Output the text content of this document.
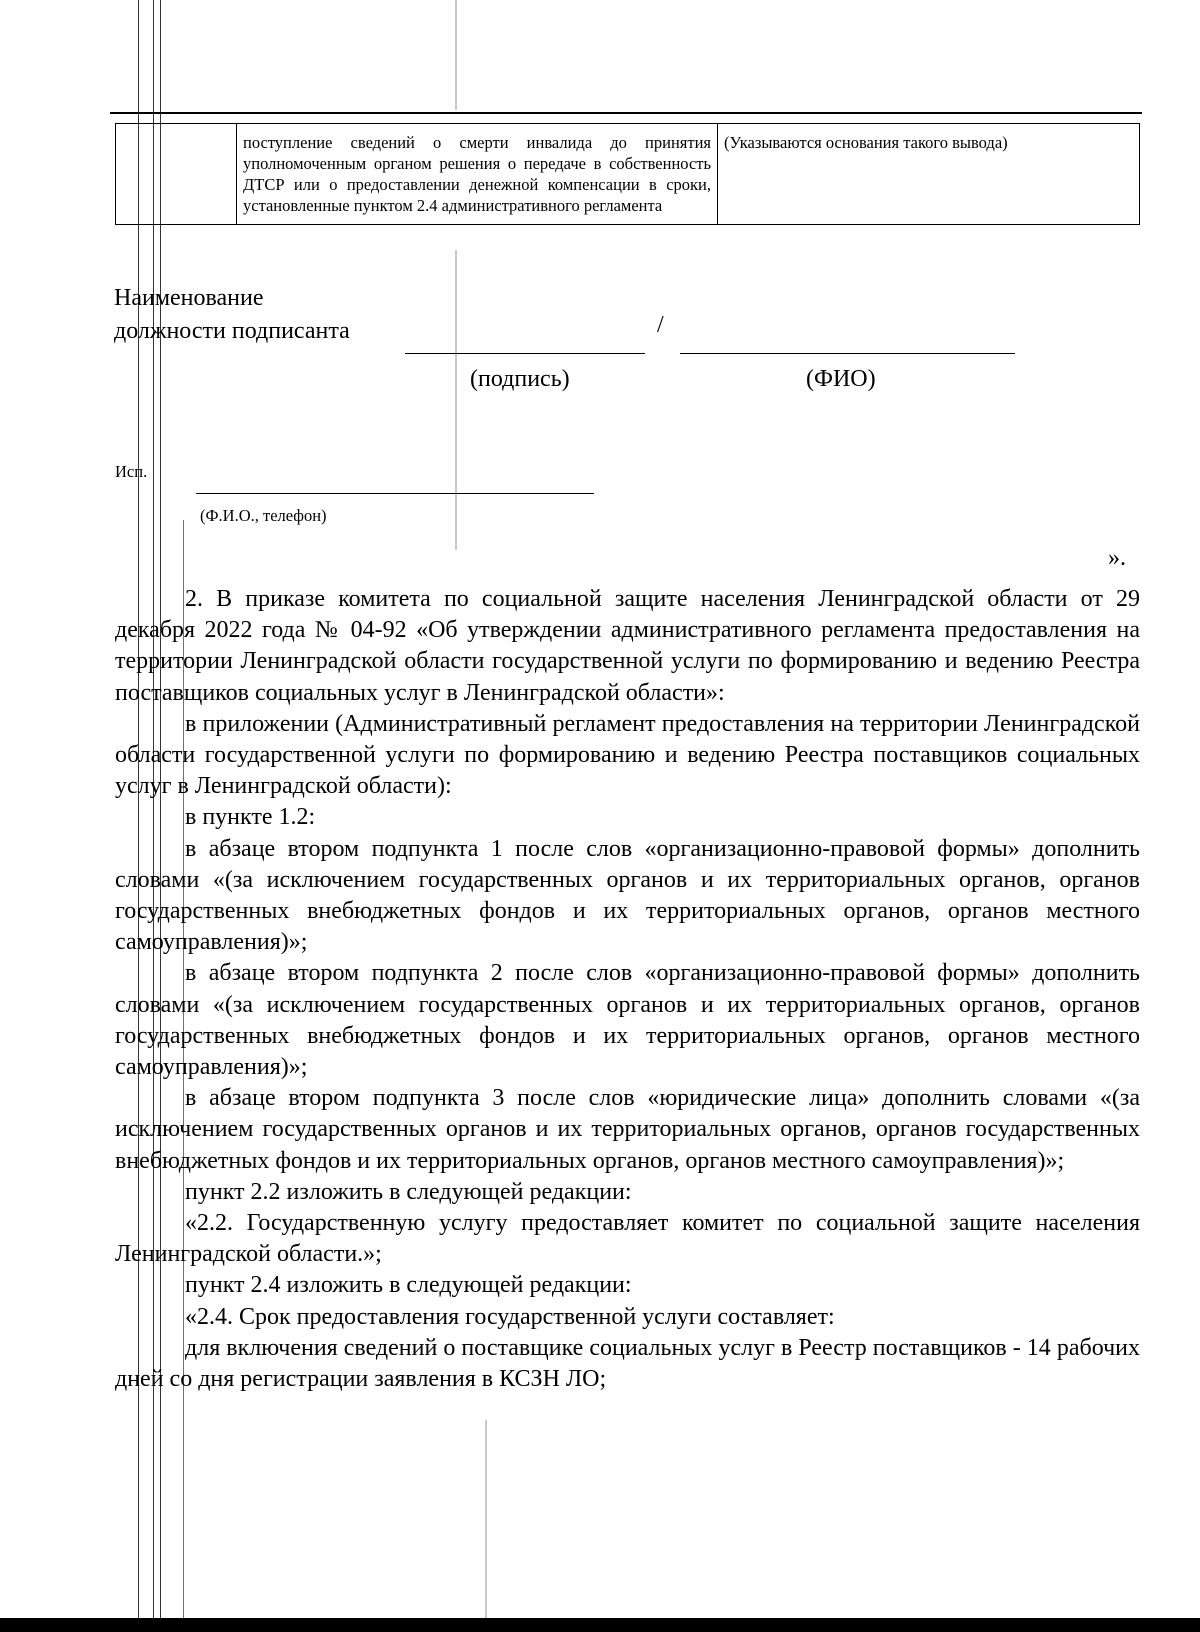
	поступление сведений о смерти инвалида до принятия уполномоченным органом решения о передаче в собственность ДТСР или о предоставлении денежной компенсации в сроки, установленные пунктом 2.4 административного регламента	(Указываются основания такого вывода)
Наименование
должности подписанта	/
(подпись)	(ФИО)
Исп.
(Ф.И.О., телефон)
».

2. В приказе комитета по социальной защите населения Ленинградской области от 29 декабря 2022 года № 04-92 «Об утверждении административного регламента предоставления на территории Ленинградской области государственной услуги по формированию и ведению Реестра поставщиков социальных услуг в Ленинградской области»:

в приложении (Административный регламент предоставления на территории Ленинградской области государственной услуги по формированию и ведению Реестра поставщиков социальных услуг в Ленинградской области):

в пункте 1.2:

в абзаце втором подпункта 1 после слов «организационно-правовой формы» дополнить словами «(за исключением государственных органов и их территориальных органов, органов государственных внебюджетных фондов и их территориальных органов, органов местного самоуправления)»;

в абзаце втором подпункта 2 после слов «организационно-правовой формы» дополнить словами «(за исключением государственных органов и их территориальных органов, органов государственных внебюджетных фондов и их территориальных органов, органов местного самоуправления)»;

в абзаце втором подпункта 3 после слов «юридические лица» дополнить словами «(за исключением государственных органов и их территориальных органов, органов государственных внебюджетных фондов и их территориальных органов, органов местного самоуправления)»;

пункт 2.2 изложить в следующей редакции:

«2.2. Государственную услугу предоставляет комитет по социальной защите населения Ленинградской области.»;

пункт 2.4 изложить в следующей редакции:

«2.4. Срок предоставления государственной услуги составляет:

для включения сведений о поставщике социальных услуг в Реестр поставщиков - 14 рабочих дней со дня регистрации заявления в КСЗН ЛО;
